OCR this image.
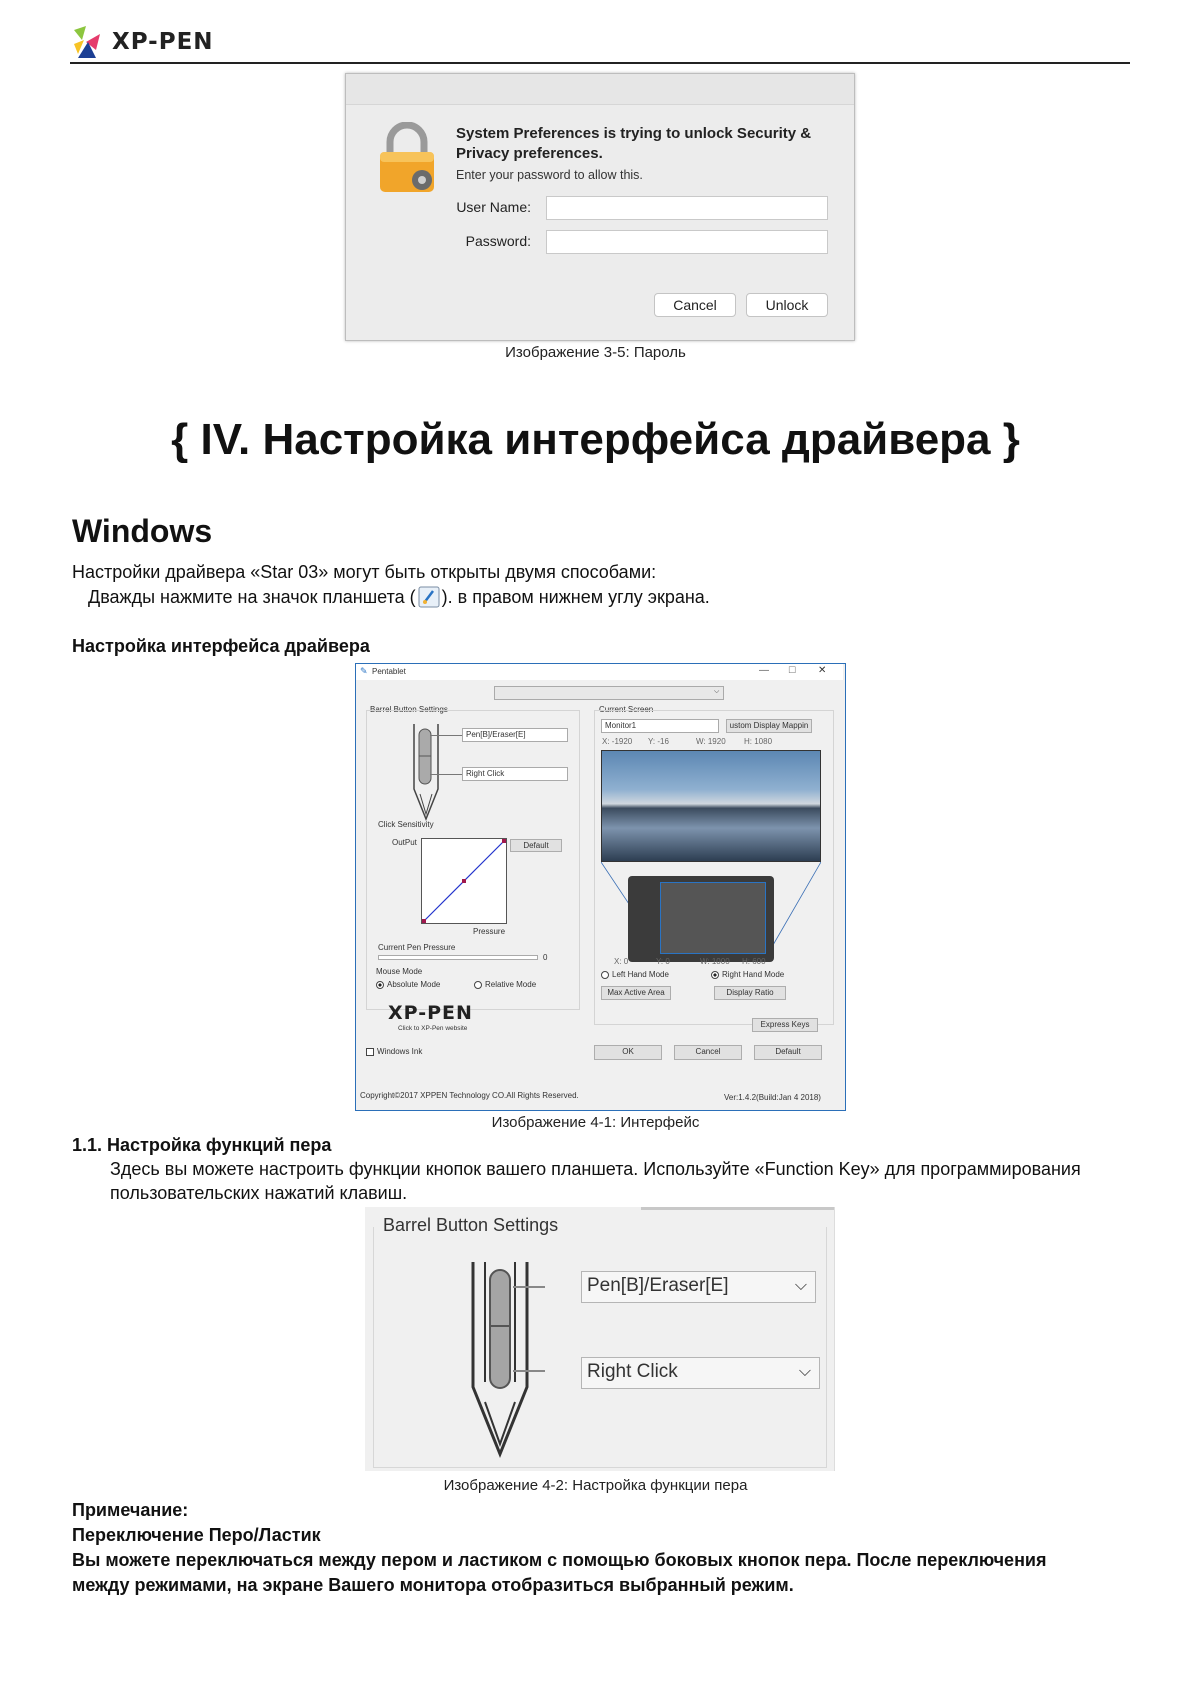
XP-PEN
System Preferences is trying to unlock Security & Privacy preferences.
Enter your password to allow this.
User Name:
Password:
Cancel	Unlock
Изображение 3-5: Пароль
{ IV. Настройка интерфейса драйвера }
Windows
Настройки драйвера «Star 03» могут быть открыты двумя способами:
Дважды нажмите на значок планшета ( ). в правом нижнем углу экрана.
Настройка интерфейса драйвера
✎ Pentablet	— ☐ ✕
⌵
Barrel Button Settings
Pen[B]/Eraser[E]
Right Click
Click Sensitivity
OutPut	Default
Pressure
Current Pen Pressure
0
Mouse Mode
Absolute Mode	Relative Mode
XP-PEN
Click to XP-Pen website
Windows Ink
Copyright©2017 XPPEN Technology CO.All Rights Reserved.
Current Screen
Monitor1	ustom Display Mappin
X: -1920 Y: -16	W: 1920 H: 1080
X: 0	Y: 0	W: 1000 H: 600
Left Hand Mode	Right Hand Mode
Max Active Area	Display Ratio
Express Keys
OK	Cancel	Default
Ver:1.4.2(Build:Jan 4 2018)
Изображение 4-1: Интерфейс
1.1. Настройка функций пера
Здесь вы можете настроить функции кнопок вашего планшета. Используйте «Function Key» для программирования
пользовательских нажатий клавиш.
Barrel Button Settings
Pen[B]/Eraser[E]	⌵
Right Click	⌵
Изображение 4-2: Настройка функции пера
Примечание:
Переключение Перо/Ластик
Вы можете переключаться между пером и ластиком с помощью боковых кнопок пера. После переключения
между режимами, на экране Вашего монитора отобразиться выбранный режим.
